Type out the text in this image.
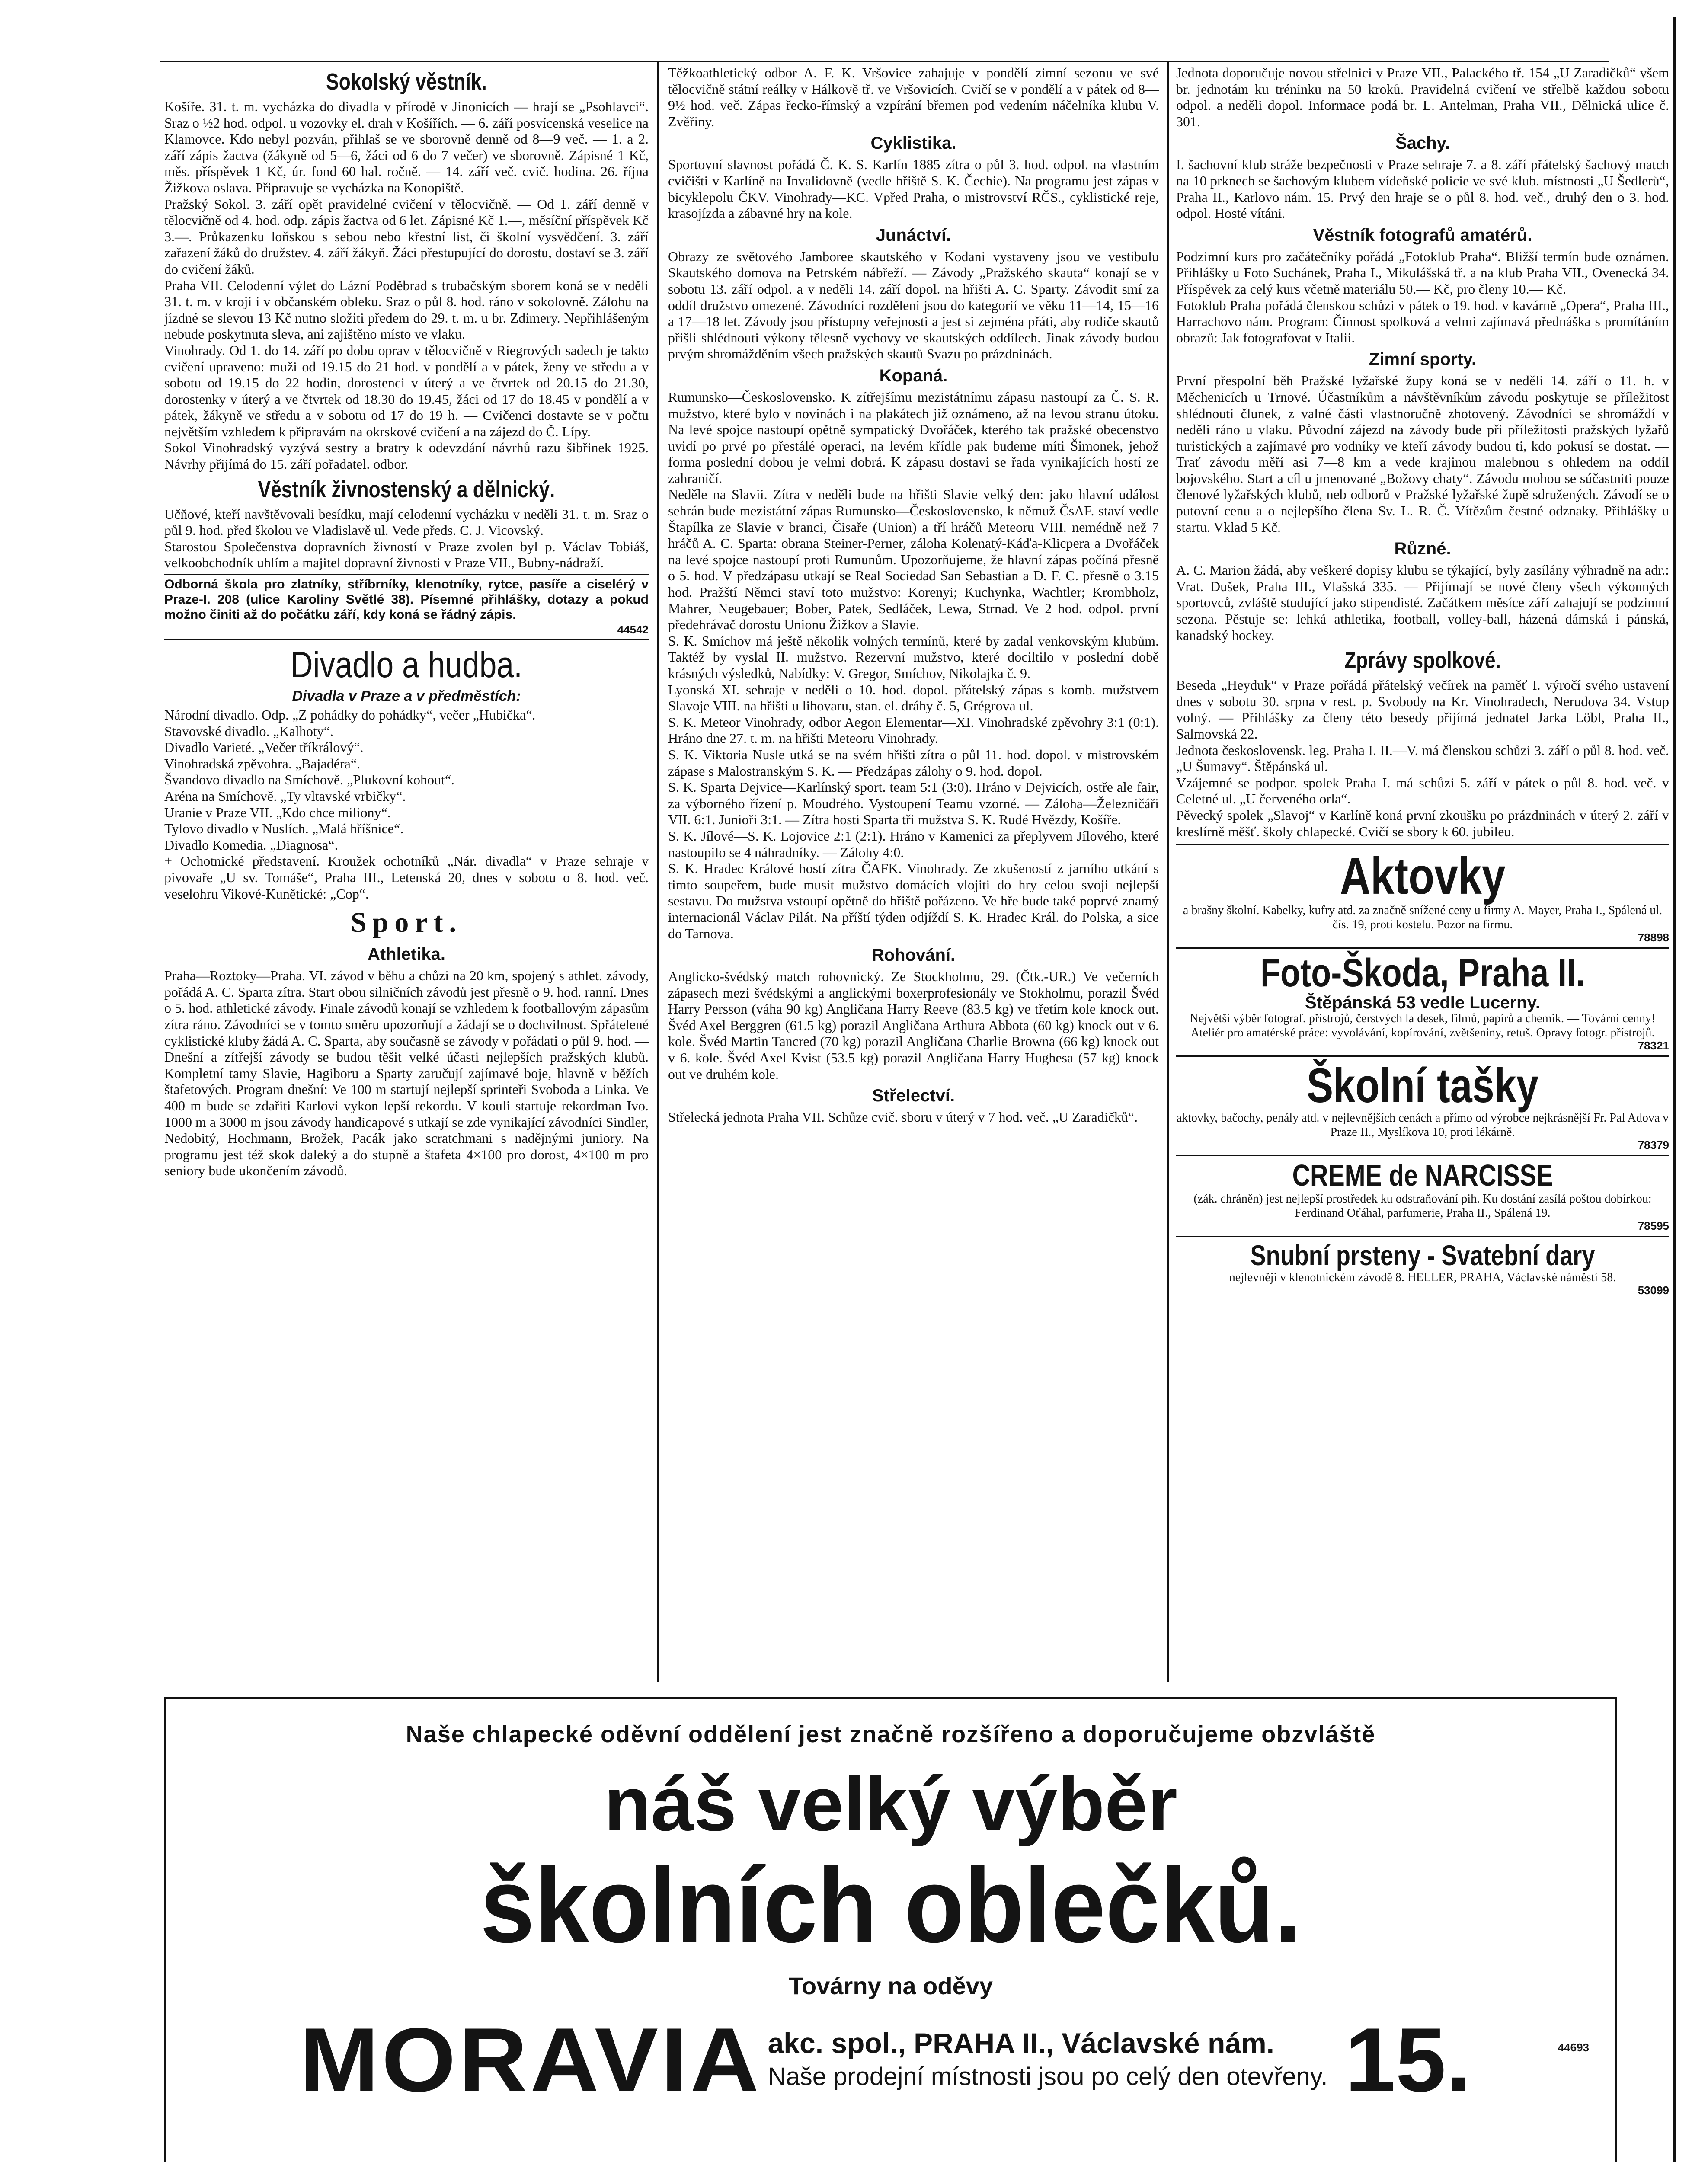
Sokolský věstník.
Košíře. 31. t. m. vycházka do divadla v přírodě v Jinonicích — hrají se „Psohlavci“. Sraz o ½2 hod. odpol. u vozovky el. drah v Košířích. — 6. září posvícenská veselice na Klamovce. Kdo nebyl pozván, přihlaš se ve sborovně denně od 8—9 več. — 1. a 2. září zápis žactva (žákyně od 5—6, žáci od 6 do 7 večer) ve sborovně. Zápisné 1 Kč, měs. příspěvek 1 Kč, úr. fond 60 hal. ročně. — 14. září več. cvič. hodina. 26. října Žižkova oslava. Připravuje se vycházka na Konopiště.
Pražský Sokol. 3. září opět pravidelné cvičení v tělocvičně. — Od 1. září denně v tělocvičně od 4. hod. odp. zápis žactva od 6 let. Zápisné Kč 1.—, měsíční příspěvek Kč 3.—. Průkazenku loňskou s sebou nebo křestní list, či školní vysvědčení. 3. září zařazení žáků do družstev. 4. září žákyň. Žáci přestupující do dorostu, dostaví se 3. září do cvičení žáků.
Praha VII. Celodenní výlet do Lázní Poděbrad s trubačským sborem koná se v neděli 31. t. m. v kroji i v občanském obleku. Sraz o půl 8. hod. ráno v sokolovně. Zálohu na jízdné se slevou 13 Kč nutno složiti předem do 29. t. m. u br. Zdimery. Nepřihlášeným nebude poskytnuta sleva, ani zajištěno místo ve vlaku.
Vinohrady. Od 1. do 14. září po dobu oprav v tělocvičně v Riegrových sadech je takto cvičení upraveno: muži od 19.15 do 21 hod. v pondělí a v pátek, ženy ve středu a v sobotu od 19.15 do 22 hodin, dorostenci v úterý a ve čtvrtek od 20.15 do 21.30, dorostenky v úterý a ve čtvrtek od 18.30 do 19.45, žáci od 17 do 18.45 v pondělí a v pátek, žákyně ve středu a v sobotu od 17 do 19 h. — Cvičenci dostavte se v počtu největším vzhledem k připravám na okrskové cvičení a na zájezd do Č. Lípy.
Sokol Vinohradský vyzývá sestry a bratry k odevzdání návrhů razu šibřinek 1925. Návrhy přijímá do 15. září pořadatel. odbor.
Věstník živnostenský a dělnický.
Učňové, kteří navštěvovali besídku, mají celodenní vycházku v neděli 31. t. m. Sraz o půl 9. hod. před školou ve Vladislavě ul. Vede předs. C. J. Vicovský.
Starostou Společenstva dopravních živností v Praze zvolen byl p. Václav Tobiáš, velkoobchodník uhlím a majitel dopravní živnosti v Praze VII., Bubny-nádraží.
Odborná škola pro zlatníky, stříbrníky, klenotníky, rytce, pasíře a ciselérý v Praze-I. 208 (ulice Karoliny Světlé 38). Písemné přihlášky, dotazy a pokud možno činiti až do počátku září, kdy koná se řádný zápis.
44542
Divadlo a hudba.
Divadla v Praze a v předměstích:
Národní divadlo. Odp. „Z pohádky do pohádky“, večer „Hubička“.
Stavovské divadlo. „Kalhoty“.
Divadlo Varieté. „Večer tříkrálový“.
Vinohradská zpěvohra. „Bajadéra“.
Švandovo divadlo na Smíchově. „Plukovní kohout“.
Aréna na Smíchově. „Ty vltavské vrbičky“.
Uranie v Praze VII. „Kdo chce miliony“.
Tylovo divadlo v Nuslích. „Malá hříšnice“.
Divadlo Komedia. „Diagnosa“.
+ Ochotnické představení. Kroužek ochotníků „Nár. divadla“ v Praze sehraje v pivovaře „U sv. Tomáše“, Praha III., Letenská 20, dnes v sobotu o 8. hod. več. veselohru Vikové-Kunětické: „Cop“.
Sport.
Athletika.
Praha—Roztoky—Praha. VI. závod v běhu a chůzi na 20 km, spojený s athlet. závody, pořádá A. C. Sparta zítra. Start obou silničních závodů jest přesně o 9. hod. ranní. Dnes o 5. hod. athletické závody. Finale závodů konají se vzhledem k footballovým zápasům zítra ráno. Závodníci se v tomto směru upozorňují a žádají se o dochvilnost. Spřátelené cyklistické kluby žádá A. C. Sparta, aby současně se závody v pořádati o půl 9. hod. — Dnešní a zítřejší závody se budou těšit velké účasti nejlepších pražských klubů. Kompletní tamy Slavie, Hagiboru a Sparty zaručují zajímavé boje, hlavně v běžích štafetových. Program dnešní: Ve 100 m startují nejlepší sprinteři Svoboda a Linka. Ve 400 m bude se zdařiti Karlovi vykon lepší rekordu. V kouli startuje rekordman Ivo. 1000 m a 3000 m jsou závody handicapové s utkají se zde vynikající závodníci Sindler, Nedobitý, Hochmann, Brožek, Pacák jako scratchmani s nadějnými juniory. Na programu jest též skok daleký a do stupně a štafeta 4×100 pro dorost, 4×100 m pro seniory bude ukončením závodů.
Těžkoathletický odbor A. F. K. Vršovice zahajuje v pondělí zimní sezonu ve své tělocvičně státní reálky v Hálkově tř. ve Vršovicích. Cvičí se v pondělí a v pátek od 8—9½ hod. več. Zápas řecko-římský a vzpírání břemen pod vedením náčelníka klubu V. Zvěřiny.
Cyklistika.
Sportovní slavnost pořádá Č. K. S. Karlín 1885 zítra o půl 3. hod. odpol. na vlastním cvičišti v Karlíně na Invalidovně (vedle hřiště S. K. Čechie). Na programu jest zápas v bicyklepolu ČKV. Vinohrady—KC. Vpřed Praha, o mistrovství RČS., cyklistické reje, krasojízda a zábavné hry na kole.
Junáctví.
Obrazy ze světového Jamboree skautského v Kodani vystaveny jsou ve vestibulu Skautského domova na Petrském nábřeží. — Závody „Pražského skauta“ konají se v sobotu 13. září odpol. a v neděli 14. září dopol. na hřišti A. C. Sparty. Závodit smí za oddíl družstvo omezené. Závodníci rozděleni jsou do kategorií ve věku 11—14, 15—16 a 17—18 let. Závody jsou přístupny veřejnosti a jest si zejména přáti, aby rodiče skautů přišli shlédnouti výkony tělesně vychovy ve skautských oddílech. Jinak závody budou prvým shromážděním všech pražských skautů Svazu po prázdninách.
Kopaná.
Rumunsko—Československo. K zítřejšímu mezistátnímu zápasu nastoupí za Č. S. R. mužstvo, které bylo v novinách i na plakátech již oznámeno, až na levou stranu útoku. Na levé spojce nastoupí opětně sympatický Dvořáček, kterého tak pražské obecenstvo uvidí po prvé po přestálé operaci, na levém křídle pak budeme míti Šimonek, jehož forma poslední dobou je velmi dobrá. K zápasu dostavi se řada vynikajících hostí ze zahraničí.
Neděle na Slavii. Zítra v neděli bude na hřišti Slavie velký den: jako hlavní událost sehrán bude mezistátní zápas Rumunsko—Československo, k němuž ČsAF. staví vedle Štapílka ze Slavie v branci, Čisaře (Union) a tří hráčů Meteoru VIII. nemédně než 7 hráčů A. C. Sparta: obrana Steiner-Perner, záloha Kolenatý-Káďa-Klicpera a Dvořáček na levé spojce nastoupí proti Rumunům. Upozorňujeme, že hlavní zápas počíná přesně o 5. hod. V předzápasu utkají se Real Sociedad San Sebastian a D. F. C. přesně o 3.15 hod. Pražští Němci staví toto mužstvo: Korenyi; Kuchynka, Wachtler; Krombholz, Mahrer, Neugebauer; Bober, Patek, Sedláček, Lewa, Strnad. Ve 2 hod. odpol. první předehrávač dorostu Unionu Žižkov a Slavie.
S. K. Smíchov má ještě několik volných termínů, které by zadal venkovským klubům. Taktéž by vyslal II. mužstvo. Rezervní mužstvo, které dociltilo v poslední době krásných výsledků, Nabídky: V. Gregor, Smíchov, Nikolajka č. 9.
Lyonská XI. sehraje v neděli o 10. hod. dopol. přátelský zápas s komb. mužstvem Slavoje VIII. na hřišti u lihovaru, stan. el. dráhy č. 5, Grégrova ul.
S. K. Meteor Vinohrady, odbor Aegon Elementar—XI. Vinohradské zpěvohry 3:1 (0:1). Hráno dne 27. t. m. na hřišti Meteoru Vinohrady.
S. K. Viktoria Nusle utká se na svém hřišti zítra o půl 11. hod. dopol. v mistrovském zápase s Malostranským S. K. — Předzápas zálohy o 9. hod. dopol.
S. K. Sparta Dejvice—Karlínský sport. team 5:1 (3:0). Hráno v Dejvicích, ostře ale fair, za výborného řízení p. Moudrého. Vystoupení Teamu vzorné. — Záloha—Železničáři VII. 6:1. Junioři 3:1. — Zítra hosti Sparta tři mužstva S. K. Rudé Hvězdy, Košíře.
S. K. Jílové—S. K. Lojovice 2:1 (2:1). Hráno v Kamenici za přeplyvem Jílového, které nastoupilo se 4 náhradníky. — Zálohy 4:0.
S. K. Hradec Králové hostí zítra ČAFK. Vinohrady. Ze zkušeností z jarního utkání s timto soupeřem, bude musit mužstvo domácích vlojiti do hry celou svoji nejlepší sestavu. Do mužstva vstoupí opětně do hřiště pořázeno. Ve hře bude také poprvé znamý internacionál Václav Pilát. Na příští týden odjíždí S. K. Hradec Král. do Polska, a sice do Tarnova.
Rohování.
Anglicko-švédský match rohovnický. Ze Stockholmu, 29. (Čtk.-UR.) Ve večerních zápasech mezi švédskými a anglickými boxerprofesionály ve Stokholmu, porazil Švéd Harry Persson (váha 90 kg) Angličana Harry Reeve (83.5 kg) ve třetím kole knock out. Švéd Axel Berggren (61.5 kg) porazil Angličana Arthura Abbota (60 kg) knock out v 6. kole. Švéd Martin Tancred (70 kg) porazil Angličana Charlie Browna (66 kg) knock out v 6. kole. Švéd Axel Kvist (53.5 kg) porazil Angličana Harry Hughesa (57 kg) knock out ve druhém kole.
Střelectví.
Střelecká jednota Praha VII. Schůze cvič. sboru v úterý v 7 hod. več. „U Zaradičků“.
Jednota doporučuje novou střelnici v Praze VII., Palackého tř. 154 „U Zaradičků“ všem br. jednotám ku tréninku na 50 kroků. Pravidelná cvičení ve střelbě každou sobotu odpol. a neděli dopol. Informace podá br. L. Antelman, Praha VII., Dělnická ulice č. 301.
Šachy.
I. šachovní klub stráže bezpečnosti v Praze sehraje 7. a 8. září přátelský šachový match na 10 prknech se šachovým klubem vídeňské policie ve své klub. místnosti „U Šedlerů“, Praha II., Karlovo nám. 15. Prvý den hraje se o půl 8. hod. več., druhý den o 3. hod. odpol. Hosté vítáni.
Věstník fotografů amatérů.
Podzimní kurs pro začátečníky pořádá „Fotoklub Praha“. Bližší termín bude oznámen. Přihlášky u Foto Suchánek, Praha I., Mikulášská tř. a na klub Praha VII., Ovenecká 34. Příspěvek za celý kurs včetně materiálu 50.— Kč, pro členy 10.— Kč.
Fotoklub Praha pořádá členskou schůzi v pátek o 19. hod. v kavárně „Opera“, Praha III., Harrachovo nám. Program: Činnost spolková a velmi zajímavá přednáška s promítáním obrazů: Jak fotografovat v Italii.
Zimní sporty.
První přespolní běh Pražské lyžařské župy koná se v neděli 14. září o 11. h. v Měchenicích u Trnové. Účastníkům a návštěvníkům závodu poskytuje se příležitost shlédnouti člunek, z valné části vlastnoručně zhotovený. Závodníci se shromáždí v neděli ráno u vlaku. Původní zájezd na závody bude při příležitosti pražských lyžařů turistických a zajímavé pro vodníky ve kteří závody budou ti, kdo pokusí se dostat. — Trať závodu měří asi 7—8 km a vede krajinou malebnou s ohledem na oddíl bojovského. Start a cíl u jmenované „Božovy chaty“. Závodu mohou se súčastniti pouze členové lyžařských klubů, neb odborů v Pražské lyžařské župě sdružených. Závodí se o putovní cenu a o nejlepšího člena Sv. L. R. Č. Vítězům čestné odznaky. Přihlášky u startu. Vklad 5 Kč.
Různé.
A. C. Marion žádá, aby veškeré dopisy klubu se týkající, byly zasílány výhradně na adr.: Vrat. Dušek, Praha III., Vlašská 335. — Přijímají se nové členy všech výkonných sportovců, zvláště studující jako stipendisté. Začátkem měsíce září zahajují se podzimní sezona. Pěstuje se: lehká athletika, football, volley-ball, házená dámská i pánská, kanadský hockey.
Zprávy spolkové.
Beseda „Heyduk“ v Praze pořádá přátelský večírek na paměť I. výročí svého ustavení dnes v sobotu 30. srpna v rest. p. Svobody na Kr. Vinohradech, Nerudova 34. Vstup volný. — Přihlášky za členy této besedy přijímá jednatel Jarka Löbl, Praha II., Salmovská 22.
Jednota československ. leg. Praha I. II.—V. má členskou schůzi 3. září o půl 8. hod. več. „U Šumavy“. Štěpánská ul.
Vzájemné se podpor. spolek Praha I. má schůzi 5. září v pátek o půl 8. hod. več. v Celetné ul. „U červeného orla“.
Pěvecký spolek „Slavoj“ v Karlíně koná první zkoušku po prázdninách v úterý 2. září v kreslírně měšť. školy chlapecké. Cvičí se sbory k 60. jubileu.
Aktovky
a brašny školní. Kabelky, kufry atd. za značně snížené ceny u firmy A. Mayer, Praha I., Spálená ul. čís. 19, proti kostelu. Pozor na firmu.
78898
Foto-Škoda, Praha II.
Štěpánská 53 vedle Lucerny.
Největší výběr fotograf. přístrojů, čerstvých la desek, filmů, papírů a chemik. — Továrni cenny! Ateliér pro amatérské práce: vyvolávání, kopírování, zvětšeniny, retuš. Opravy fotogr. přístrojů.
78321
Školní tašky
aktovky, bačochy, penály atd. v nejlevnějších cenách a přímo od výrobce nejkrásnější Fr. Pal Adova v Praze II., Myslíkova 10, proti lékárně.
78379
CREME de NARCISSE
(zák. chráněn) jest nejlepší prostředek ku odstraňování pih. Ku dostání zasílá poštou dobírkou: Ferdinand Oťáhal, parfumerie, Praha II., Spálená 19.
78595
Snubní prsteny - Svatební dary
nejlevněji v klenotnickém závodě 8. HELLER, PRAHA, Václavské náměstí 58.
53099
Naše chlapecké oděvní oddělení jest značně rozšířeno a doporučujeme obzvláště
náš velký výběr
školních oblečků.
Továrny na oděvy
44693
MORAVIA akc. spol., PRAHA II., Václavské nám.
Naše prodejní místnosti jsou po celý den otevřeny. 15.
